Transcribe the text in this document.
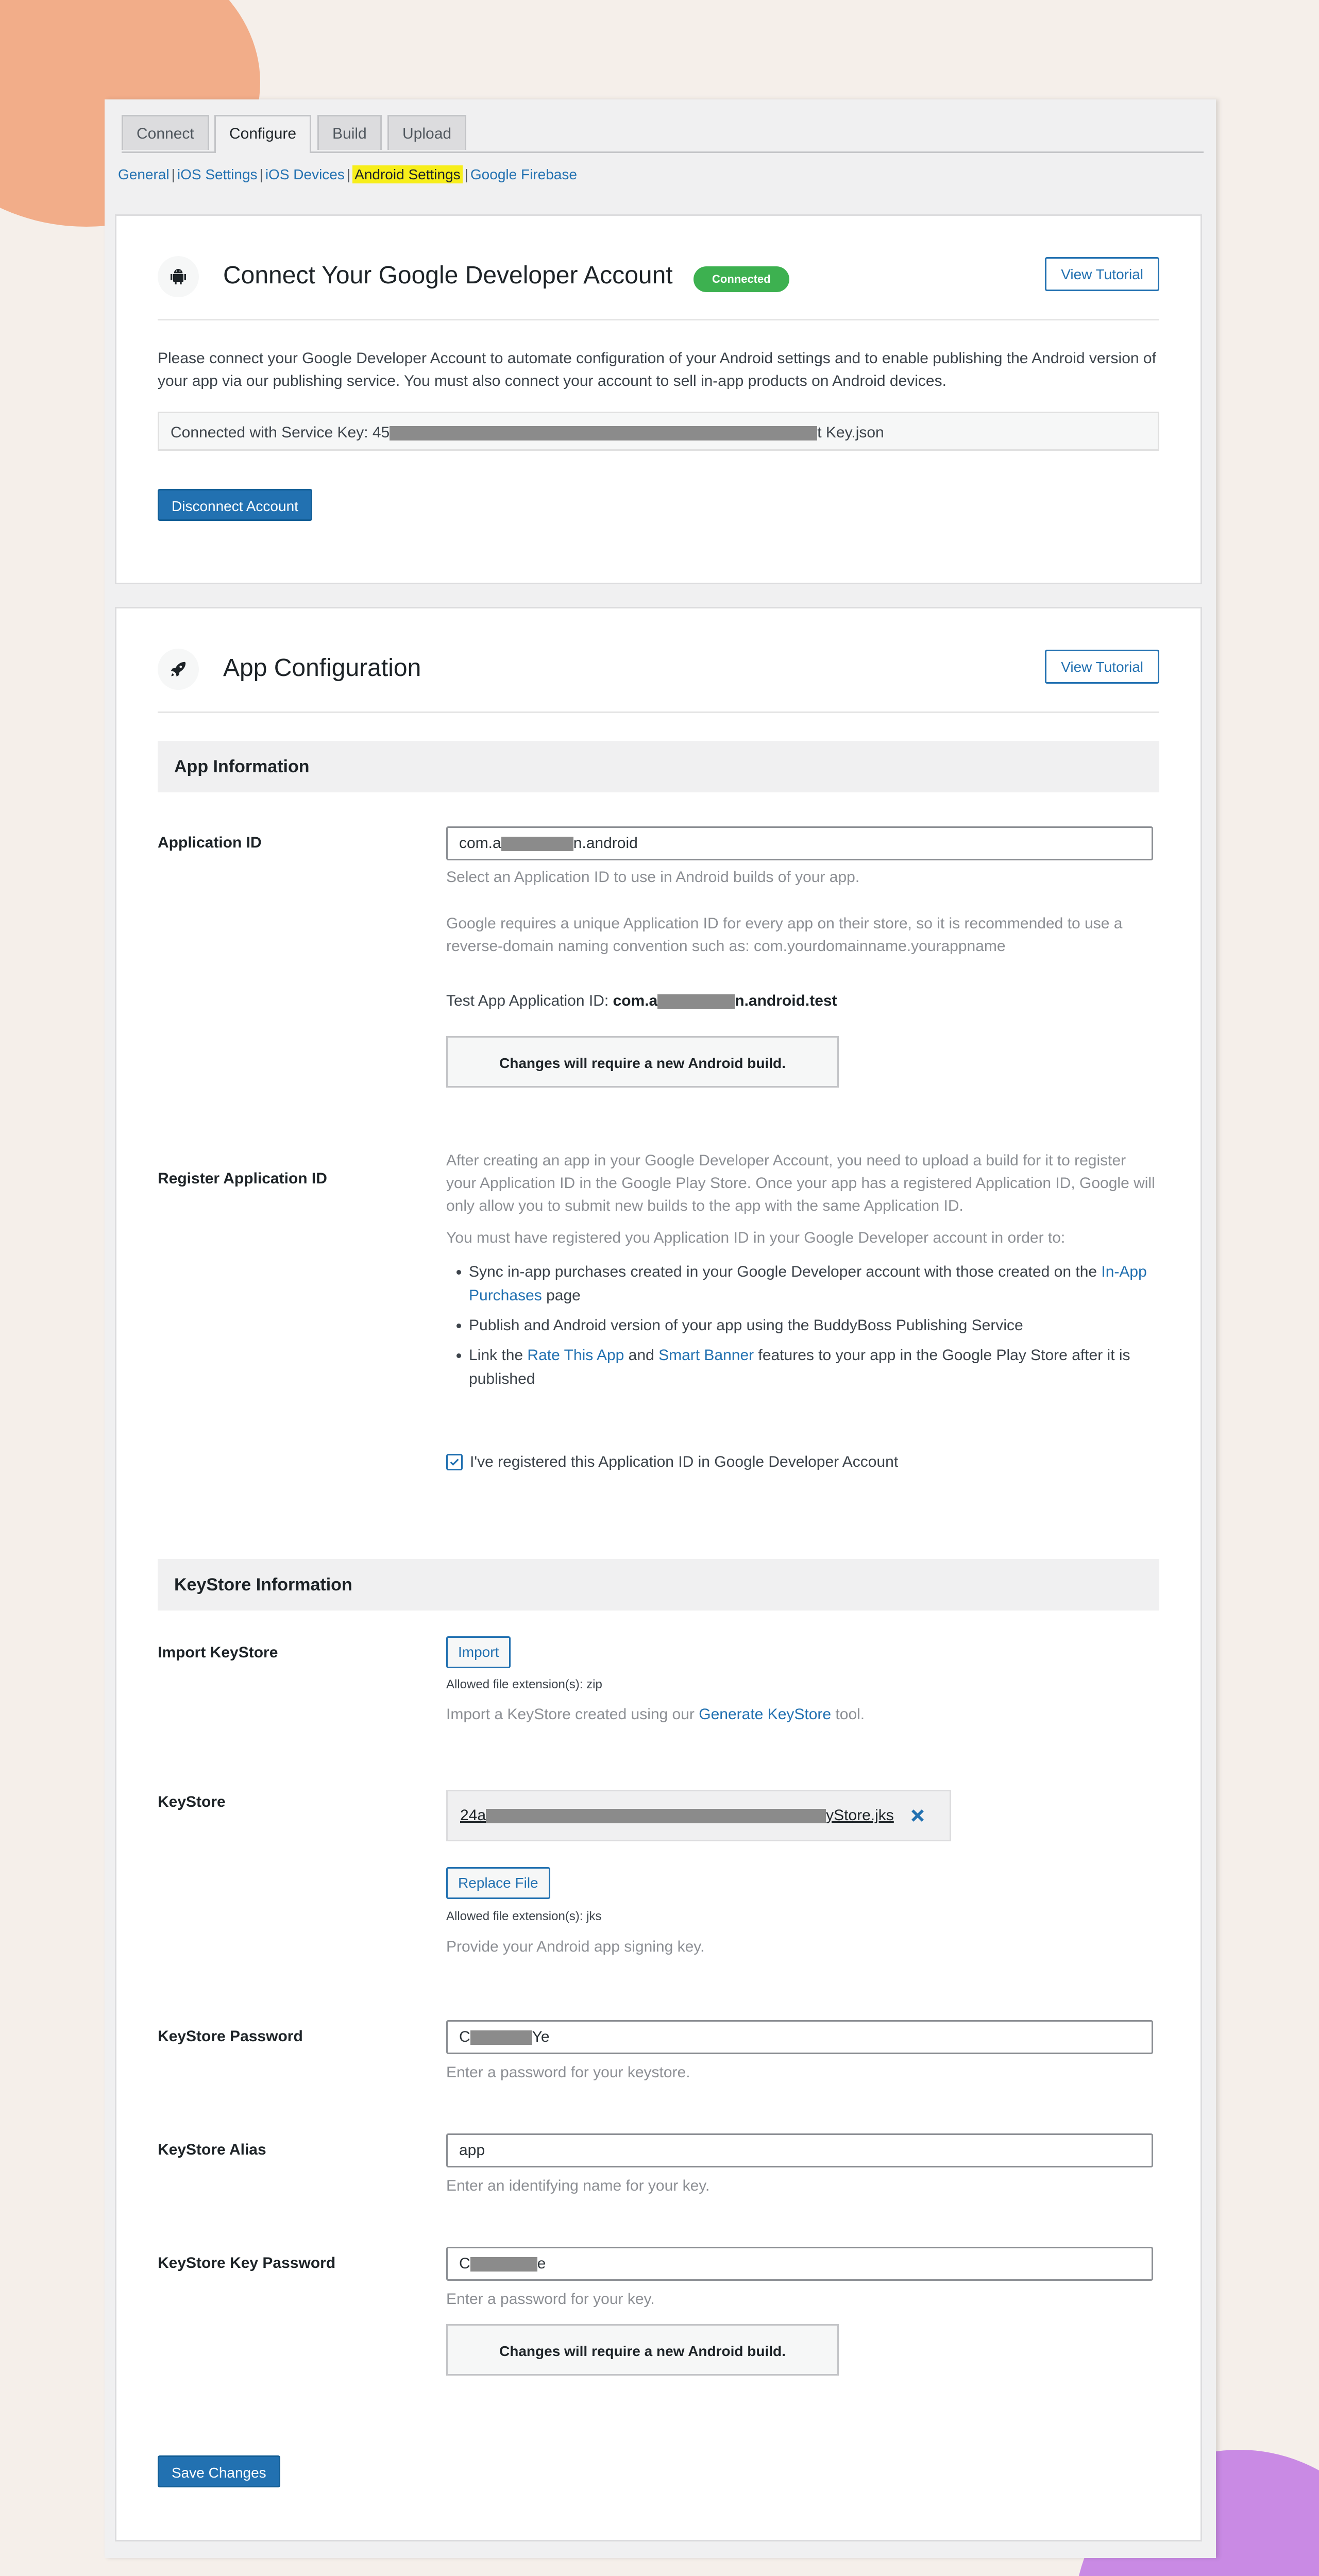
Connect	Configure	Build	Upload
General | iOS Settings | iOS Devices | Android Settings | Google Firebase
Connect Your Google Developer Account	Connected	View Tutorial
Please connect your Google Developer Account to automate configuration of your Android settings and to enable publishing the Android version of your app via our publishing service. You must also connect your account to sell in-app products on Android devices.
Connected with Service Key: 45	t Key.json
Disconnect Account
App Configuration	View Tutorial
App Information
Application ID	com.a	n.android
Select an Application ID to use in Android builds of your app.
Google requires a unique Application ID for every app on their store, so it is recommended to use a reverse-domain naming convention such as: com.yourdomainname.yourappname
Test App Application ID: com.a	n.android.test
Changes will require a new Android build.
Register Application ID
After creating an app in your Google Developer Account, you need to upload a build for it to register your Application ID in the Google Play Store. Once your app has a registered Application ID, Google will only allow you to submit new builds to the app with the same Application ID.
You must have registered you Application ID in your Google Developer account in order to:
• Sync in-app purchases created in your Google Developer account with those created on the In-App Purchases page
• Publish and Android version of your app using the BuddyBoss Publishing Service
• Link the Rate This App and Smart Banner features to your app in the Google Play Store after it is published
I've registered this Application ID in Google Developer Account
KeyStore Information
Import KeyStore	Import
Allowed file extension(s): zip
Import a KeyStore created using our Generate KeyStore tool.
KeyStore
24a	yStore.jks
Replace File
Allowed file extension(s): jks
Provide your Android app signing key.
KeyStore Password	C	Ye
Enter a password for your keystore.
KeyStore Alias	app
Enter an identifying name for your key.
KeyStore Key Password	C	e
Enter a password for your key.
Changes will require a new Android build.
Save Changes
